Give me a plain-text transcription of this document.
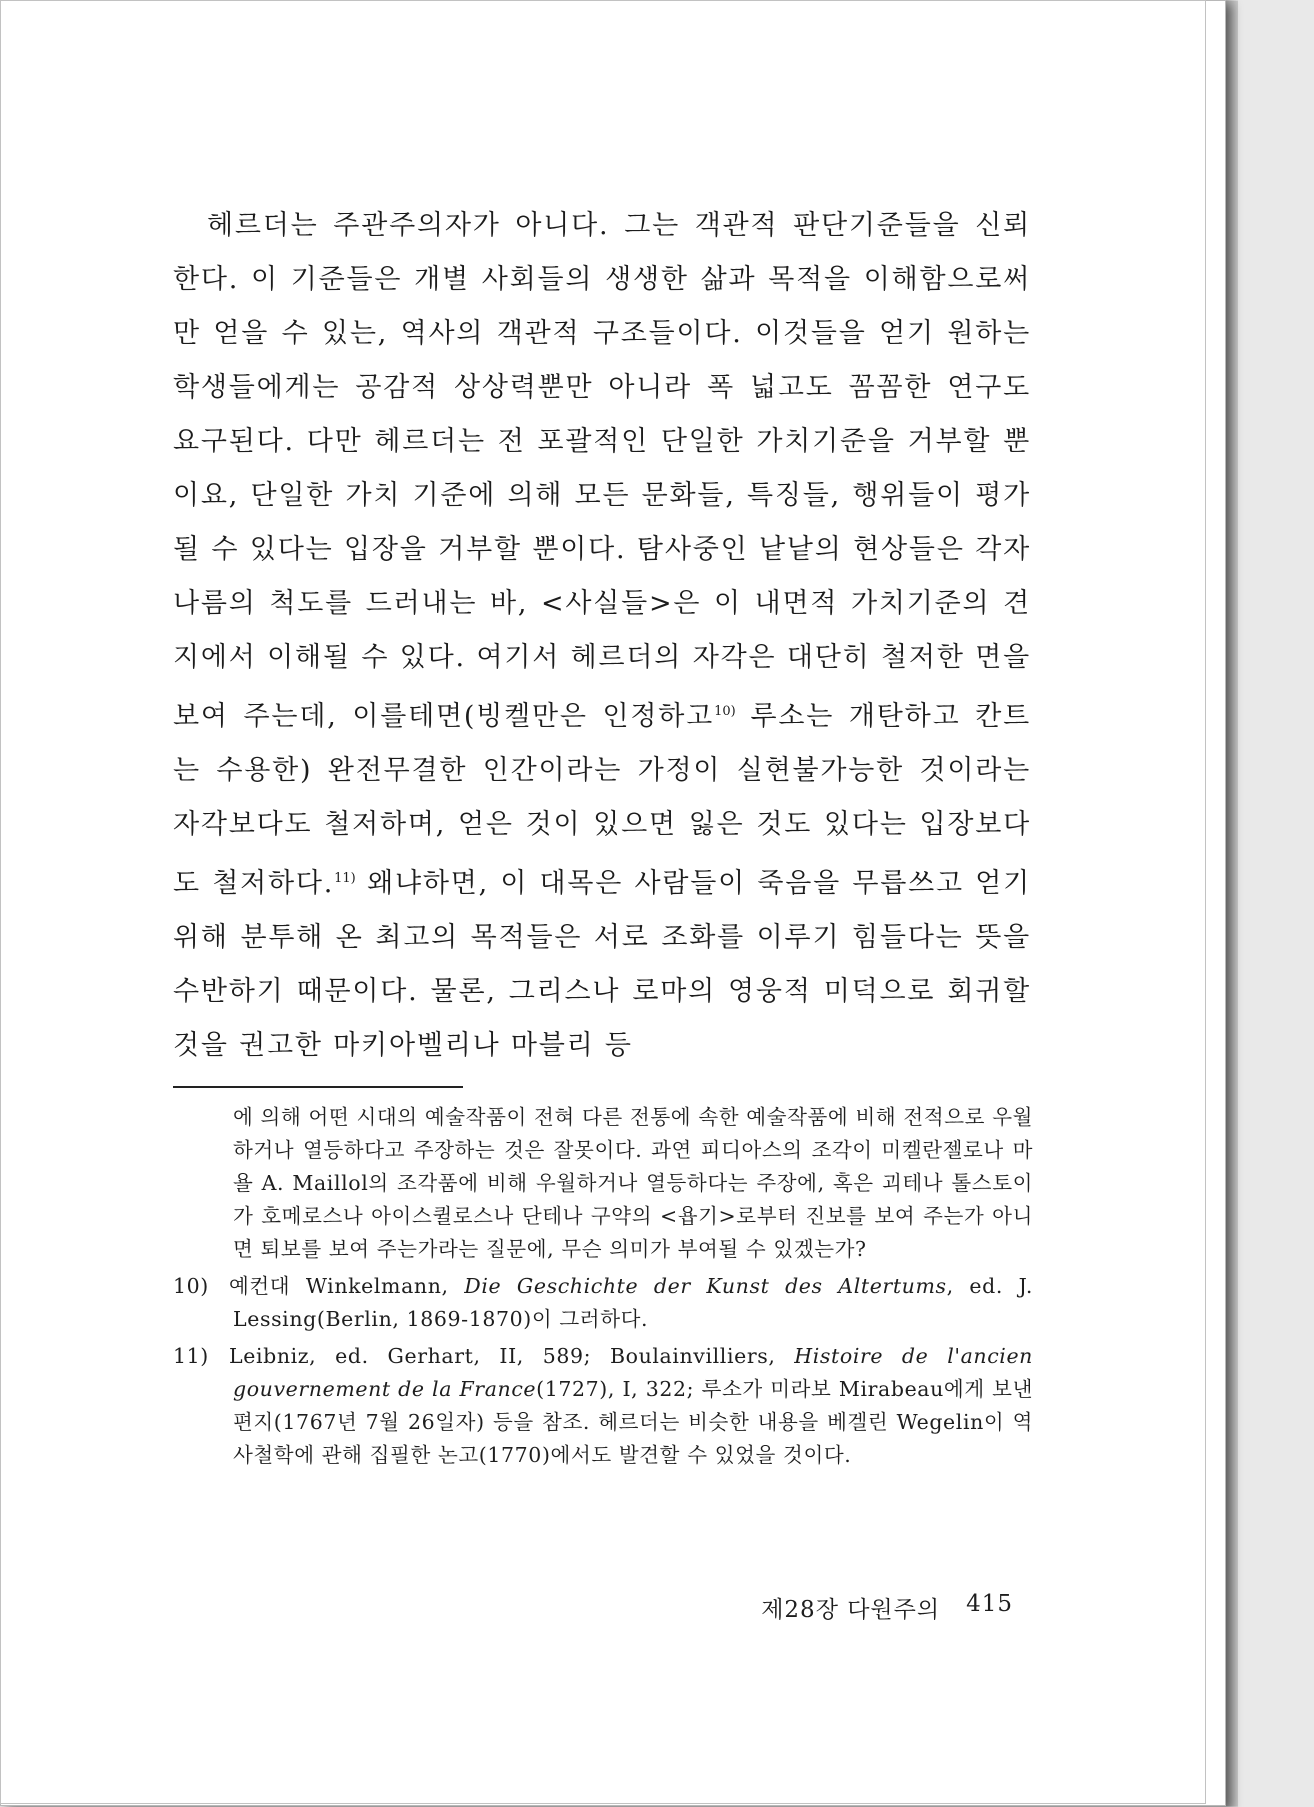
헤르더는 주관주의자가 아니다. 그는 객관적 판단기준들을 신뢰한다. 이 기준들은 개별 사회들의 생생한 삶과 목적을 이해함으로써만 얻을 수 있는, 역사의 객관적 구조들이다. 이것들을 얻기 원하는 학생들에게는 공감적 상상력뿐만 아니라 폭 넓고도 꼼꼼한 연구도 요구된다. 다만 헤르더는 전 포괄적인 단일한 가치기준을 거부할 뿐이요, 단일한 가치 기준에 의해 모든 문화들, 특징들, 행위들이 평가될 수 있다는 입장을 거부할 뿐이다. 탐사중인 낱낱의 현상들은 각자 나름의 척도를 드러내는 바, <사실들>은 이 내면적 가치기준의 견지에서 이해될 수 있다. 여기서 헤르더의 자각은 대단히 철저한 면을 보여 주는데, 이를테면(빙켈만은 인정하고$^{10)}$ 루소는 개탄하고 칸트는 수용한) 완전무결한 인간이라는 가정이 실현불가능한 것이라는 자각보다도 철저하며, 얻은 것이 있으면 잃은 것도 있다는 입장보다도 철저하다.$^{11)}$ 왜냐하면, 이 대목은 사람들이 죽음을 무릅쓰고 얻기 위해 분투해 온 최고의 목적들은 서로 조화를 이루기 힘들다는 뜻을 수반하기 때문이다. 물론, 그리스나 로마의 영웅적 미덕으로 회귀할 것을 권고한 마키아벨리나 마블리 등

에 의해 어떤 시대의 예술작품이 전혀 다른 전통에 속한 예술작품에 비해 전적으로 우월하거나 열등하다고 주장하는 것은 잘못이다. 과연 피디아스의 조각이 미켈란젤로나 마욜 A. Maillol의 조각품에 비해 우월하거나 열등하다는 주장에, 혹은 괴테나 톨스토이가 호메로스나 아이스퀼로스나 단테나 구약의 <욥기>로부터 진보를 보여 주는가 아니면 퇴보를 보여 주는가라는 질문에, 무슨 의미가 부여될 수 있겠는가?

10) 예컨대 Winkelmann, Die Geschichte der Kunst des Altertums, ed. J. Lessing(Berlin, 1869-1870)이 그러하다.

11) Leibniz, ed. Gerhart, II, 589; Boulainvilliers, Histoire de l'ancien gouvernement de la France(1727), I, 322; 루소가 미라보 Mirabeau에게 보낸 편지(1767년 7월 26일자) 등을 참조. 헤르더는 비슷한 내용을 베겔린 Wegelin이 역사철학에 관해 집필한 논고(1770)에서도 발견할 수 있었을 것이다.

제28장 다원주의 415
